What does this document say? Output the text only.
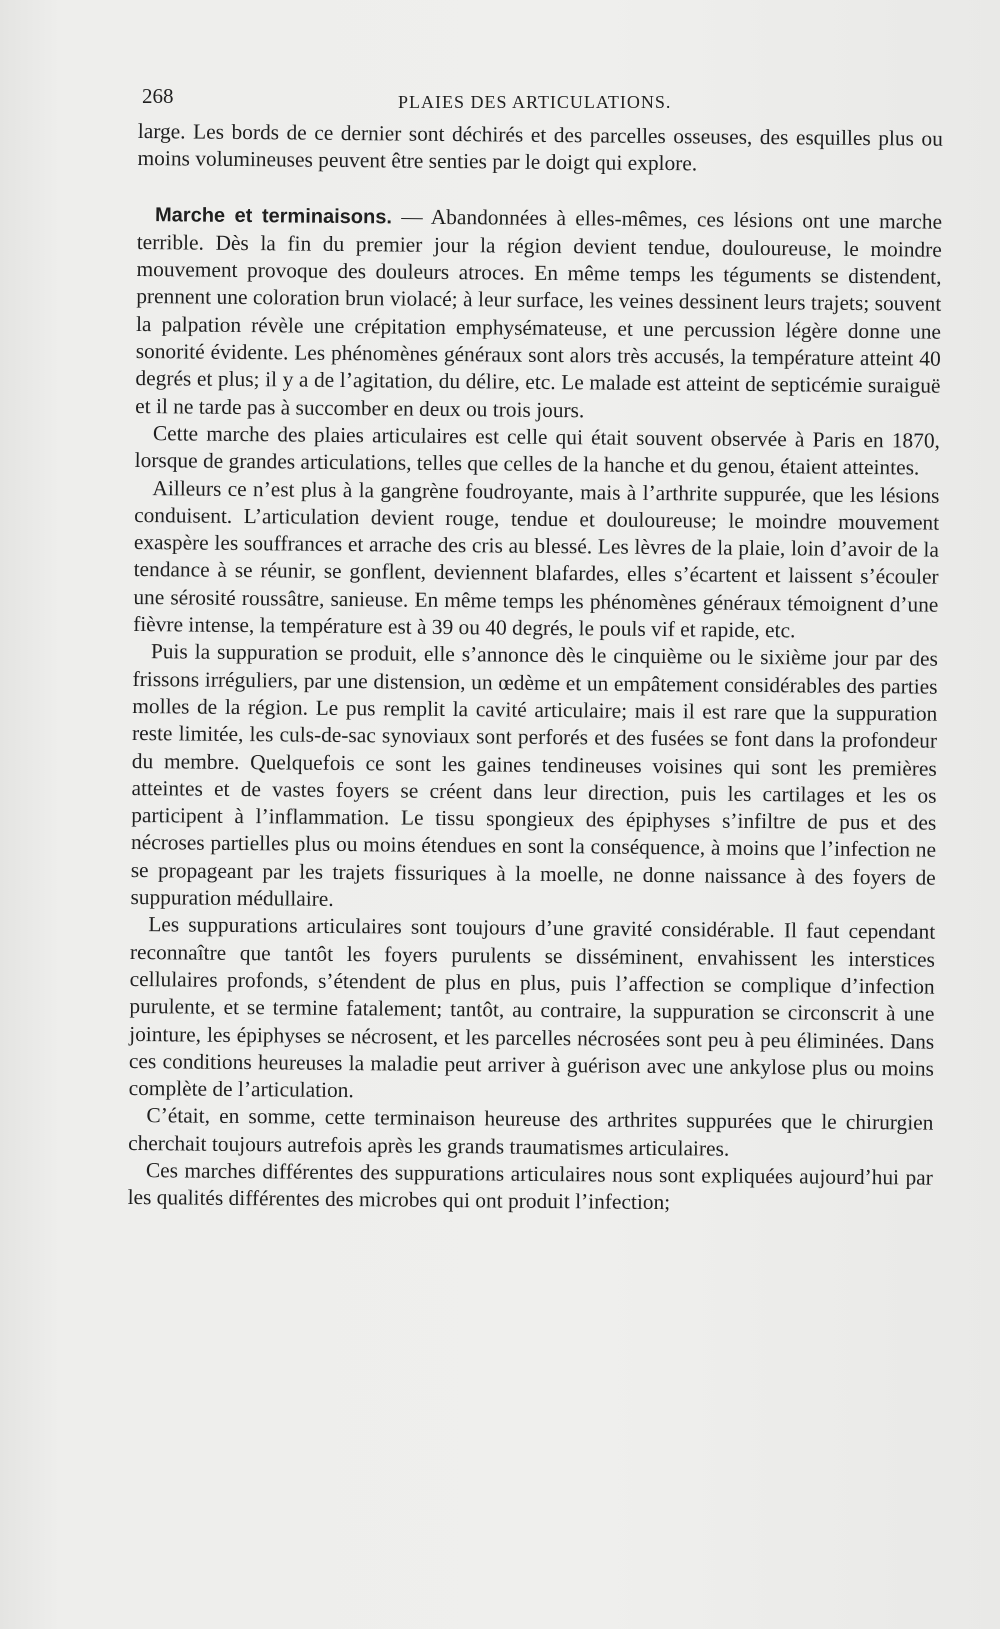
268	PLAIES DES ARTICULATIONS.

large. Les bords de ce dernier sont déchirés et des parcelles osseuses, des esquilles plus ou moins volumineuses peuvent être senties par le doigt qui explore.

Marche et terminaisons. — Abandonnées à elles-mêmes, ces lésions ont une marche terrible. Dès la fin du premier jour la région devient tendue, douloureuse, le moindre mouvement provoque des douleurs atroces. En même temps les téguments se distendent, prennent une coloration brun violacé; à leur surface, les veines dessinent leurs trajets; souvent la palpation révèle une crépitation emphysémateuse, et une percussion légère donne une sonorité évidente. Les phénomènes généraux sont alors très accusés, la température atteint 40 degrés et plus; il y a de l’agitation, du délire, etc. Le malade est atteint de septicémie suraiguë et il ne tarde pas à succomber en deux ou trois jours.

Cette marche des plaies articulaires est celle qui était souvent observée à Paris en 1870, lorsque de grandes articulations, telles que celles de la hanche et du genou, étaient atteintes.

Ailleurs ce n’est plus à la gangrène foudroyante, mais à l’arthrite suppurée, que les lésions conduisent. L’articulation devient rouge, tendue et douloureuse; le moindre mouvement exaspère les souffrances et arrache des cris au blessé. Les lèvres de la plaie, loin d’avoir de la tendance à se réunir, se gonflent, deviennent blafardes, elles s’écartent et laissent s’écouler une sérosité roussâtre, sanieuse. En même temps les phénomènes généraux témoignent d’une fièvre intense, la température est à 39 ou 40 degrés, le pouls vif et rapide, etc.

Puis la suppuration se produit, elle s’annonce dès le cinquième ou le sixième jour par des frissons irréguliers, par une distension, un œdème et un empâtement considérables des parties molles de la région. Le pus remplit la cavité articulaire; mais il est rare que la suppuration reste limitée, les culs-de-sac synoviaux sont perforés et des fusées se font dans la profondeur du membre. Quelquefois ce sont les gaines tendineuses voisines qui sont les premières atteintes et de vastes foyers se créent dans leur direction, puis les cartilages et les os participent à l’inflammation. Le tissu spongieux des épiphyses s’infiltre de pus et des nécroses partielles plus ou moins étendues en sont la conséquence, à moins que l’infection ne se propageant par les trajets fissuriques à la moelle, ne donne naissance à des foyers de suppuration médullaire.

Les suppurations articulaires sont toujours d’une gravité considérable. Il faut cependant reconnaître que tantôt les foyers purulents se disséminent, envahissent les interstices cellulaires profonds, s’étendent de plus en plus, puis l’affection se complique d’infection purulente, et se termine fatalement; tantôt, au contraire, la suppuration se circonscrit à une jointure, les épiphyses se nécrosent, et les parcelles nécrosées sont peu à peu éliminées. Dans ces conditions heureuses la maladie peut arriver à guérison avec une ankylose plus ou moins complète de l’articulation.

C’était, en somme, cette terminaison heureuse des arthrites suppurées que le chirurgien cherchait toujours autrefois après les grands traumatismes articulaires.

Ces marches différentes des suppurations articulaires nous sont expliquées aujourd’hui par les qualités différentes des microbes qui ont produit l’infection;
